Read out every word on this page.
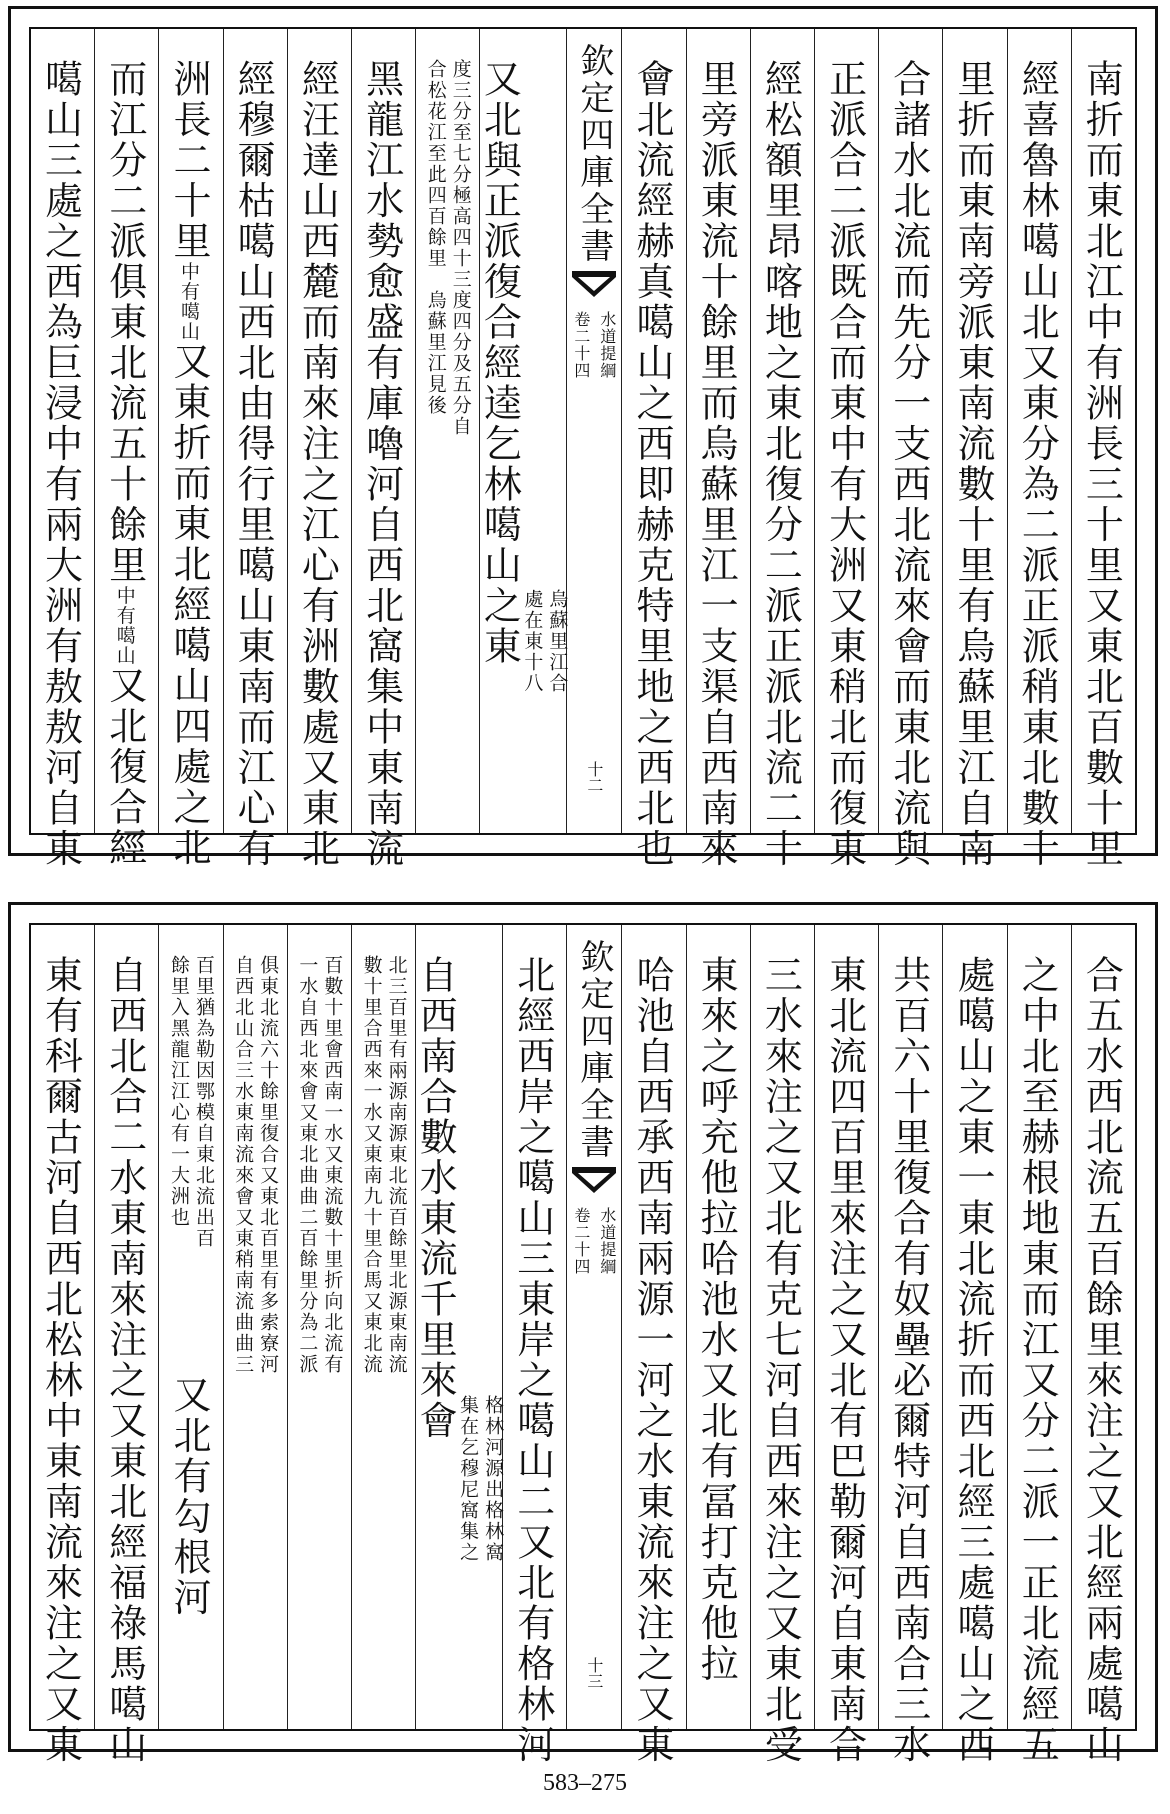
南折而東北江中有洲長三十里又東北百數十里
經喜魯林噶山北又東分為二派正派稍東北數十
里折而東南旁派東南流數十里有烏蘇里江自南
合諸水北流而先分一支西北流來會而東北流與
正派合二派既合而東中有大洲又東稍北而復東
經松額里昂喀地之東北復分二派正派北流二十
里旁派東流十餘里而烏蘇里江一支渠自西南來
會北流經赫真噶山之西即赫克特里地之西北也
欽定四庫全書
水道提綱
卷二十四
十二
又北與正派復合經逵乞林噶山之東 烏蘇里江合
處在東十八
度三分至七分極高四十三度四分及五分自
合松花江至此四百餘里　烏蘇里江見後
黑龍江水勢愈盛有庫嚕河自西北窩集中東南流
經汪達山西麓而南來注之江心有洲數處又東北
經穆爾枯噶山西北由得行里噶山東南而江心有
洲長二十里中有噶山又東折而東北經噶山四處之北
而江分二派俱東北流五十餘里中有噶山又北復合經
噶山三處之西為巨浸中有兩大洲有敖敖河自東
合五水西北流五百餘里來注之又北經兩處噶山
之中北至赫根地東而江又分二派一正北流經五
處噶山之東一東北流折而西北經三處噶山之西
共百六十里復合有奴壘必爾特河自西南合三水
東北流四百里來注之又北有巴勒爾河自東南合
三水來注之又北有克七河自西來注之又東北受
東來之呼充他拉哈池水又北有冨打克他拉
哈池自西承西南兩源一河之水東流來注之又東
欽定四庫全書
水道提綱
卷二十四
十三
北經西岸之噶山三東岸之噶山二又北有格林河
自西南合數水東流千里來會
格林河源出格林窩
集在乞穆尼窩集之
北三百里有兩源南源東北流百餘里北源東南流
數十里合西來一水又東南九十里合馬又東北流
百數十里會西南一水又東流數十里折向北流有
一水自西北來會又東北曲曲二百餘里分為二派
俱東北流六十餘里復合又東北百里有多索寮河
自西北山合三水東南流來會又東稍南流曲曲三
百里猶為勒因鄂模自東北流出百
餘里入黑龍江江心有一大洲也
又北有勾根河
自西北合二水東南來注之又東北經福祿馬噶山
東有科爾古河自西北松林中東南流來注之又東
583–275
